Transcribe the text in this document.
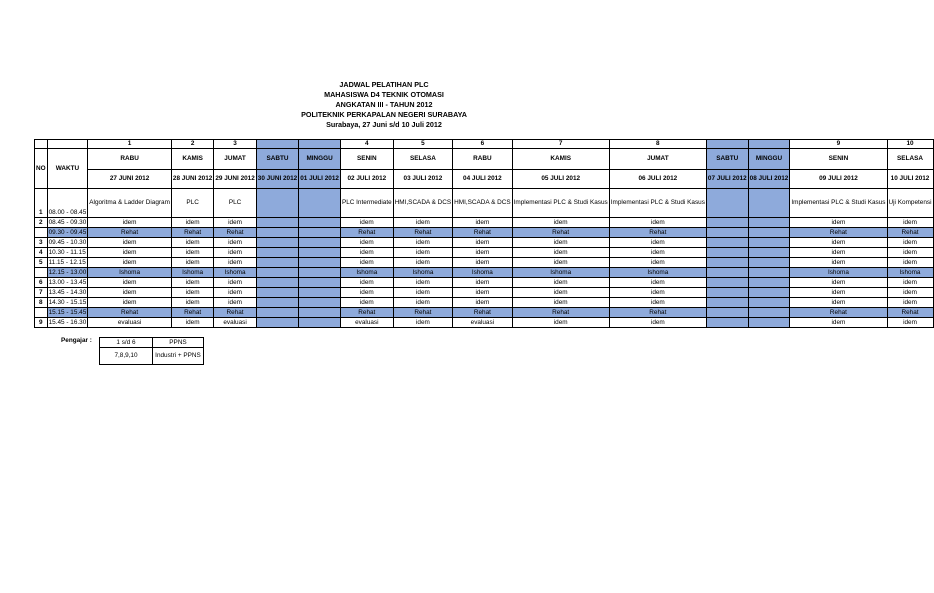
JADWAL PELATIHAN PLC
MAHASISWA D4 TEKNIK OTOMASI
ANGKATAN III - TAHUN 2012
POLITEKNIK PERKAPALAN NEGERI SURABAYA
Surabaya, 27 Juni s/d 10 Juli 2012
		1	2	3			4	5	6	7	8			9	10
NO	WAKTU	RABU	KAMIS	JUMAT	SABTU	MINGGU	SENIN	SELASA	RABU	KAMIS	JUMAT	SABTU	MINGGU	SENIN	SELASA
		27 JUNI 2012	28 JUNI 2012	29 JUNI 2012	30 JUNI 2012	01 JULI 2012	02 JULI 2012	03 JULI 2012	04 JULI 2012	05 JULI 2012	06 JULI 2012	07 JULI 2012	08 JULI 2012	09 JULI 2012	10 JULI 2012
1	08.00 - 08.45	Algoritma & Ladder Diagram	PLC	PLC			PLC Intermediate	HMI,SCADA & DCS	HMI,SCADA & DCS	Implementasi PLC & Studi Kasus	Implementasi PLC & Studi Kasus			Implementasi PLC & Studi Kasus	Uji Kompetensi
2	08.45 - 09.30	idem	idem	idem			idem	idem	idem	idem	idem			idem	idem
	09.30 - 09.45	Rehat	Rehat	Rehat			Rehat	Rehat	Rehat	Rehat	Rehat			Rehat	Rehat
3	09.45 - 10.30	idem	idem	idem			idem	idem	idem	idem	idem			idem	idem
4	10.30 - 11.15	idem	idem	idem			idem	idem	idem	idem	idem			idem	idem
5	11.15 - 12.15	idem	idem	idem			idem	idem	idem	idem	idem			idem	idem
	12.15 - 13.00	Ishoma	Ishoma	Ishoma			Ishoma	Ishoma	Ishoma	Ishoma	Ishoma			Ishoma	Ishoma
6	13.00 - 13.45	idem	idem	idem			idem	idem	idem	idem	idem			idem	idem
7	13.45 - 14.30	idem	idem	idem			idem	idem	idem	idem	idem			idem	idem
8	14.30 - 15.15	idem	idem	idem			idem	idem	idem	idem	idem			idem	idem
	15.15 - 15.45	Rehat	Rehat	Rehat			Rehat	Rehat	Rehat	Rehat	Rehat			Rehat	Rehat
9	15.45 - 16.30	evaluasi	idem	evaluasi			evaluasi	idem	evaluasi	idem	idem			idem	idem
Pengajar :	1 s/d 6	PPNS
7,8,9,10	Industri + PPNS
